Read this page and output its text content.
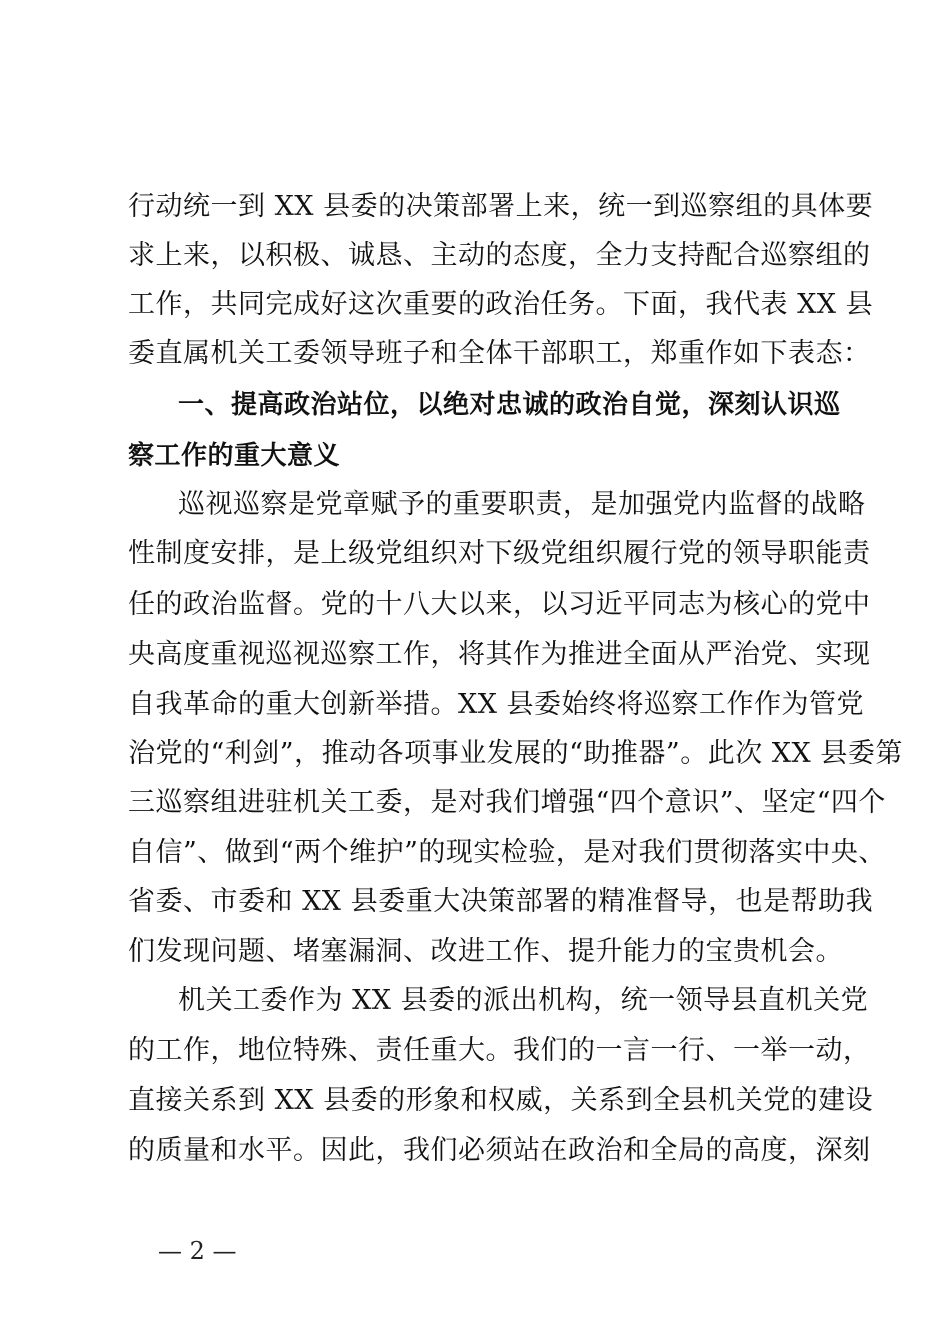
行动统一到 XX 县委的决策部署上来，统一到巡察组的具体要
求上来，以积极、诚恳、主动的态度，全力支持配合巡察组的
工作，共同完成好这次重要的政治任务。下面，我代表 XX 县
委直属机关工委领导班子和全体干部职工，郑重作如下表态：
一、提高政治站位，以绝对忠诚的政治自觉，深刻认识巡
察工作的重大意义
巡视巡察是党章赋予的重要职责，是加强党内监督的战略
性制度安排，是上级党组织对下级党组织履行党的领导职能责
任的政治监督。党的十八大以来，以习近平同志为核心的党中
央高度重视巡视巡察工作，将其作为推进全面从严治党、实现
自我革命的重大创新举措。XX 县委始终将巡察工作作为管党
治党的“利剑”，推动各项事业发展的“助推器”。此次 XX 县委第
三巡察组进驻机关工委，是对我们增强“四个意识”、坚定“四个
自信”、做到“两个维护”的现实检验，是对我们贯彻落实中央、
省委、市委和 XX 县委重大决策部署的精准督导，也是帮助我
们发现问题、堵塞漏洞、改进工作、提升能力的宝贵机会。
机关工委作为 XX 县委的派出机构，统一领导县直机关党
的工作，地位特殊、责任重大。我们的一言一行、一举一动，
直接关系到 XX 县委的形象和权威，关系到全县机关党的建设
的质量和水平。因此，我们必须站在政治和全局的高度，深刻
— 2 —
